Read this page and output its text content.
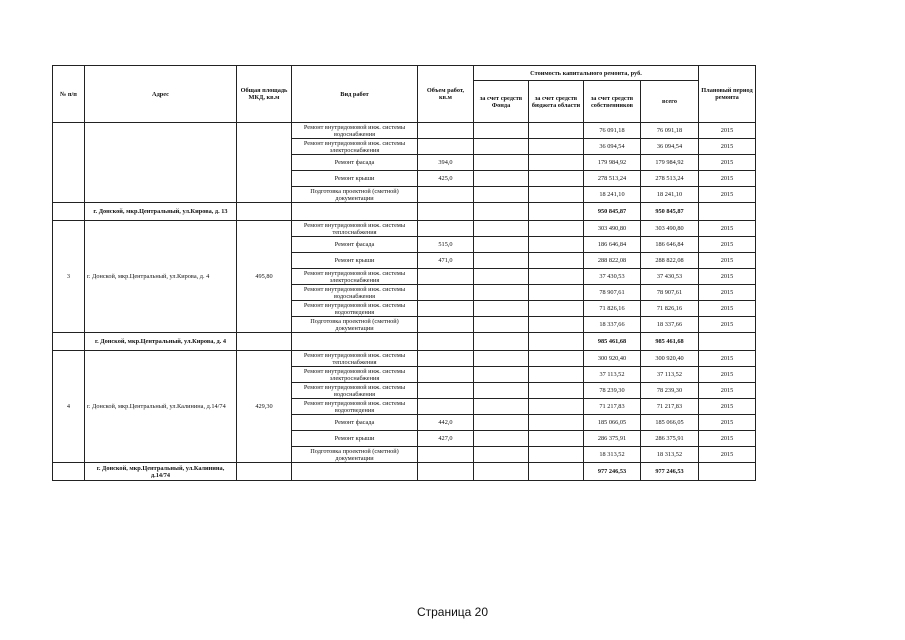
№ п/п	Адрес	Общая площадь МКД, кв.м	Вид работ	Объем работ, кв.м	Стоимость капитального ремонта, руб.				Плановый период ремонта
					за счет средств Фонда	за счет средств бюджета области	за счет средств собственников	всего	
			Ремонт внутридомовой инж. системы водоснабжения				76 091,18	76 091,18	2015
			Ремонт внутридомовой инж. системы электроснабжения				36 094,54	36 094,54	2015
			Ремонт фасада	394,0			179 984,92	179 984,92	2015
			Ремонт крыши	425,0			278 513,24	278 513,24	2015
			Подготовка проектной (сметной) документации				18 241,10	18 241,10	2015
	г. Донской, мкр.Центральный, ул.Кирова, д. 13						950 845,87	950 845,87	
3	г. Донской, мкр.Центральный, ул.Кирова, д. 4	495,80	Ремонт внутридомовой инж. системы теплоснабжения				303 490,80	303 490,80	2015
			Ремонт фасада	515,0			186 646,84	186 646,84	2015
			Ремонт крыши	471,0			288 822,08	288 822,08	2015
			Ремонт внутридомовой инж. системы электроснабжения				37 430,53	37 430,53	2015
			Ремонт внутридомовой инж. системы водоснабжения				78 907,61	78 907,61	2015
			Ремонт внутридомовой инж. системы водоотведения				71 826,16	71 826,16	2015
			Подготовка проектной (сметной) документации				18 337,66	18 337,66	2015
	г. Донской, мкр.Центральный, ул.Кирова, д. 4						985 461,68	985 461,68	
4	г. Донской, мкр.Центральный, ул.Калинина, д.14/74	429,30	Ремонт внутридомовой инж. системы теплоснабжения				300 920,40	300 920,40	2015
			Ремонт внутридомовой инж. системы электроснабжения				37 113,52	37 113,52	2015
			Ремонт внутридомовой инж. системы водоснабжения				78 239,30	78 239,30	2015
			Ремонт внутридомовой инж. системы водоотведения				71 217,83	71 217,83	2015
			Ремонт фасада	442,0			185 066,05	185 066,05	2015
			Ремонт крыши	427,0			286 375,91	286 375,91	2015
			Подготовка проектной (сметной) документации				18 313,52	18 313,52	2015
	г. Донской, мкр.Центральный, ул.Калинина, д.14/74						977 246,53	977 246,53	
Страница 20
